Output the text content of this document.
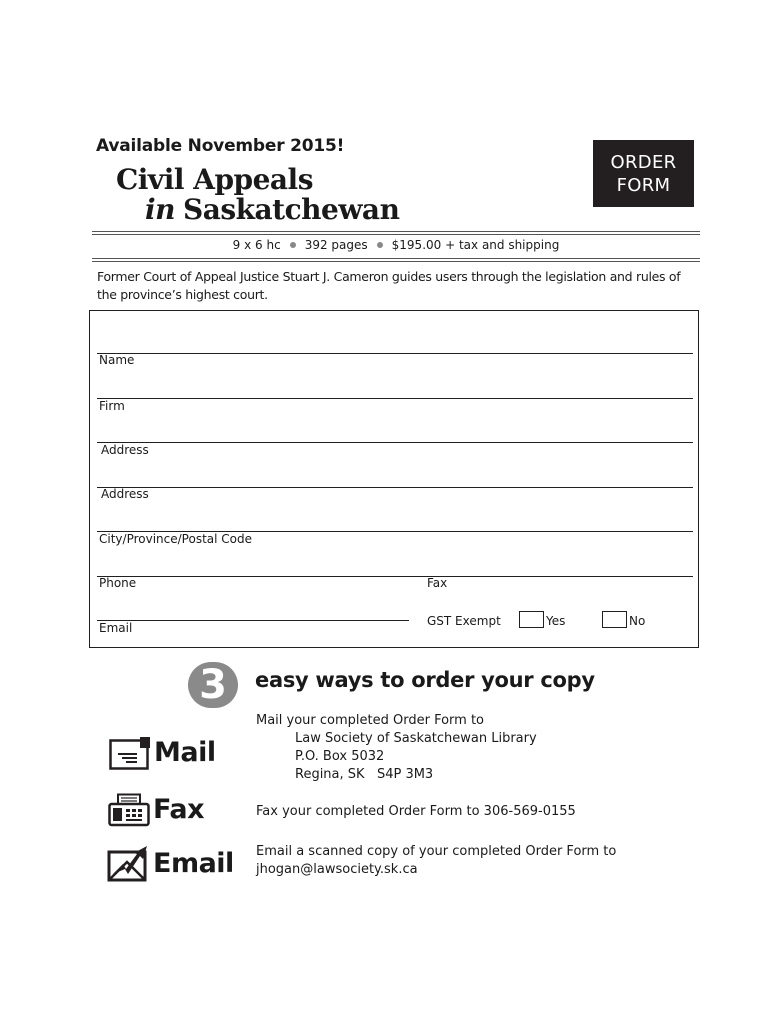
Available November 2015!
Civil Appeals
in Saskatchewan
ORDER
FORM
9 x 6 hc 392 pages $195.00 + tax and shipping
Former Court of Appeal Justice Stuart J. Cameron guides users through the legislation and rules of the province’s highest court.
Name
Firm
Address
Address
City/Province/Postal Code
Phone	Fax
Email	GST Exempt	Yes	No
3	easy ways to order your copy
Mail
Mail your completed Order Form to
Law Society of Saskatchewan Library
P.O. Box 5032
Regina, SK   S4P 3M3
Fax	Fax your completed Order Form to 306-569-0155
Email Email a scanned copy of your completed Order Form to
jhogan@lawsociety.sk.ca
